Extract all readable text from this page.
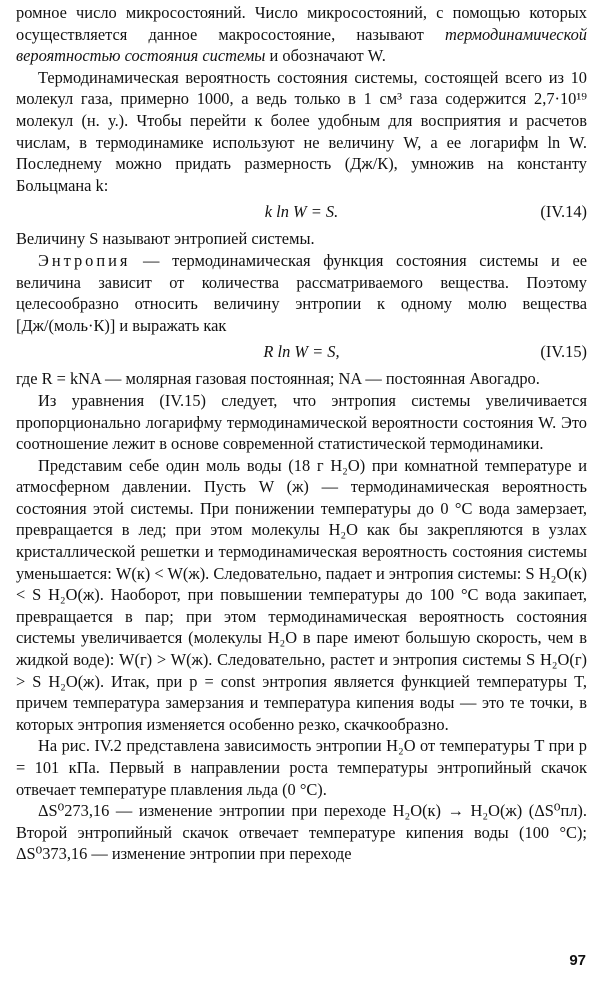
ромное число микросостояний. Число микросостояний, с помощью которых осуществляется данное макросостояние, называют термодинамической вероятностью состояния системы и обозначают W.

Термодинамическая вероятность состояния системы, состоящей всего из 10 молекул газа, примерно 1000, а ведь только в 1 см³ газа содержится 2,7·10¹⁹ молекул (н. у.). Чтобы перейти к более удобным для восприятия и расчетов числам, в термодинамике используют не величину W, а ее логарифм ln W. Последнему можно придать размерность (Дж/К), умножив на константу Больцмана k:

k ln W = S.	(IV.14)

Величину S называют энтропией системы.

Энтропия — термодинамическая функция состояния системы и ее величина зависит от количества рассматриваемого вещества. Поэтому целесообразно относить величину энтропии к одному молю вещества [Дж/(моль·К)] и выражать как

R ln W = S,	(IV.15)

где R = kNA — молярная газовая постоянная; NA — постоянная Авогадро.

Из уравнения (IV.15) следует, что энтропия системы увеличивается пропорционально логарифму термодинамической вероятности состояния W. Это соотношение лежит в основе современной статистической термодинамики.

Представим себе один моль воды (18 г H₂O) при комнатной температуре и атмосферном давлении. Пусть W (ж) — термодинамическая вероятность состояния этой системы. При понижении температуры до 0 °C вода замерзает, превращается в лед; при этом молекулы H₂O как бы закрепляются в узлах кристаллической решетки и термодинамическая вероятность состояния системы уменьшается: W(к) < W(ж). Следовательно, падает и энтропия системы: S H₂O(к) < S H₂O(ж). Наоборот, при повышении температуры до 100 °C вода закипает, превращается в пар; при этом термодинамическая вероятность состояния системы увеличивается (молекулы H₂O в паре имеют большую скорость, чем в жидкой воде): W(г) > W(ж). Следовательно, растет и энтропия системы S H₂O(г) > S H₂O(ж). Итак, при p = const энтропия является функцией температуры T, причем температура замерзания и температура кипения воды — это те точки, в которых энтропия изменяется особенно резко, скачкообразно.

На рис. IV.2 представлена зависимость энтропии H₂O от температуры T при p = 101 кПа. Первый в направлении роста температуры энтропийный скачок отвечает температуре плавления льда (0 °C).

ΔS⁰273,16 — изменение энтропии при переходе H₂O(к) → H₂O(ж) (ΔS⁰пл). Второй энтропийный скачок отвечает температуре кипения воды (100 °C); ΔS⁰373,16 — изменение энтропии при переходе

97
